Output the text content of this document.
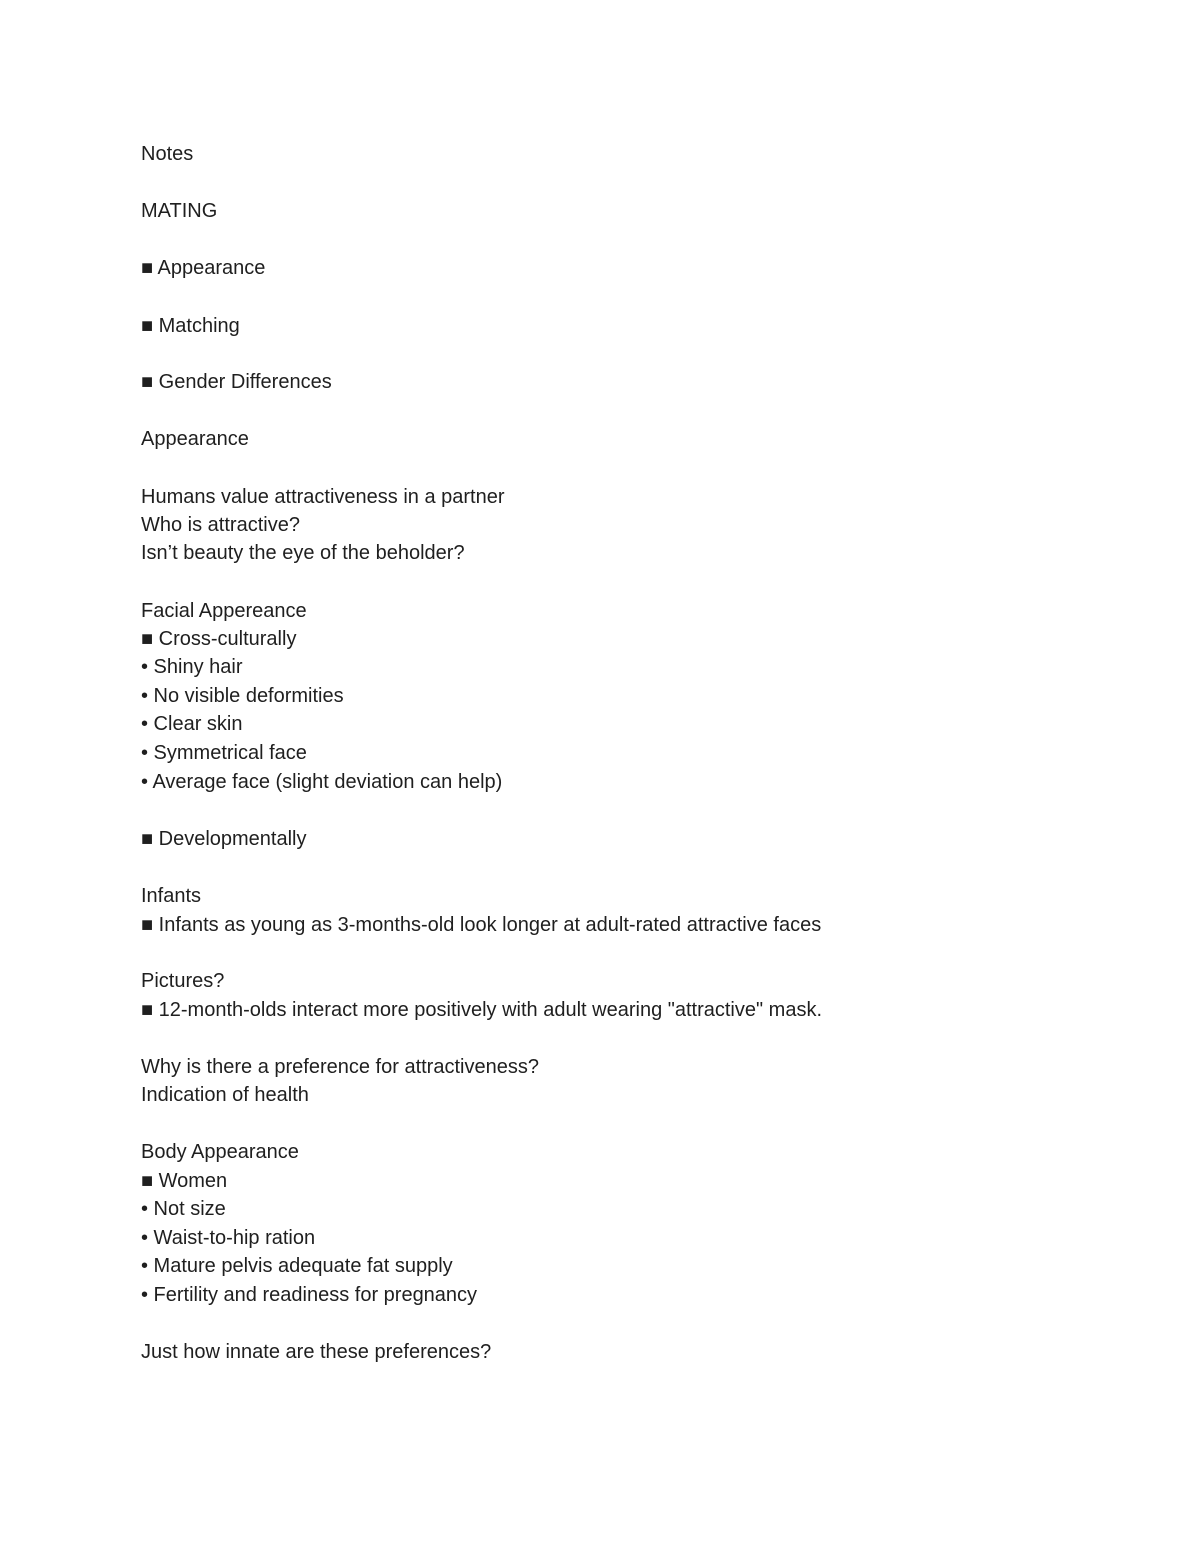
Notes
MATING
■ Appearance
■ Matching
■ Gender Differences
Appearance
Humans value attractiveness in a partner
Who is attractive?
Isn’t beauty the eye of the beholder?
Facial Appereance
■ Cross-culturally
• Shiny hair
• No visible deformities
• Clear skin
• Symmetrical face
• Average face (slight deviation can help)
■ Developmentally
Infants
■ Infants as young as 3-months-old look longer at adult-rated attractive faces
Pictures?
■ 12-month-olds interact more positively with adult wearing "attractive" mask.
Why is there a preference for attractiveness?
Indication of health
Body Appearance
■ Women
• Not size
• Waist-to-hip ration
• Mature pelvis adequate fat supply
• Fertility and readiness for pregnancy
Just how innate are these preferences?
